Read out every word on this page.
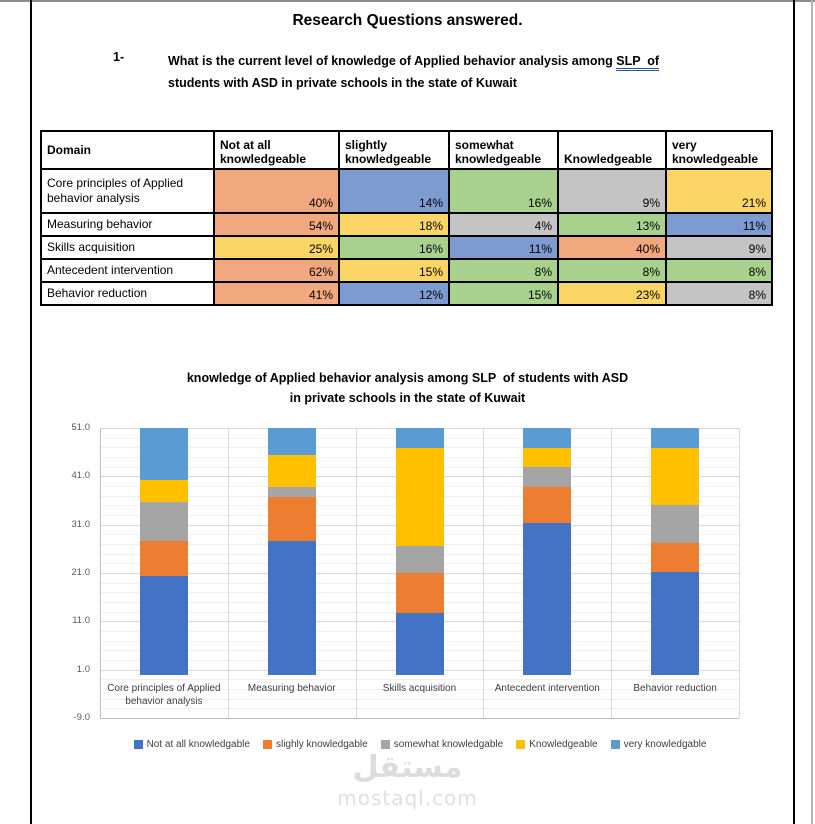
Research Questions answered.
1-	What is the current level of knowledge of Applied behavior analysis among SLP  of
students with ASD in private schools in the state of Kuwait
Domain	Not at all knowledgeable	slightly knowledgeable	somewhat knowledgeable	Knowledgeable	very knowledgeable
Core principles of Applied behavior analysis	40%	14%	16%	9%	21%
Measuring behavior	54%	18%	4%	13%	11%
Skills acquisition	25%	16%	11%	40%	9%
Antecedent intervention	62%	15%	8%	8%	8%
Behavior reduction	41%	12%	15%	23%	8%
knowledge of Applied behavior analysis among SLP  of students with ASD
in private schools in the state of Kuwait
51.0
41.0
31.0
21.0
11.0
1.0
-9.0
Core principles of Applied behavior analysis
Measuring behavior	Skills acquisition	Antecedent intervention	Behavior reduction
Not at all knowledgable	slighly knowledgable	somewhat knowledgable	Knowledgeable	very knowledgable
مستقل
mostaql.com
